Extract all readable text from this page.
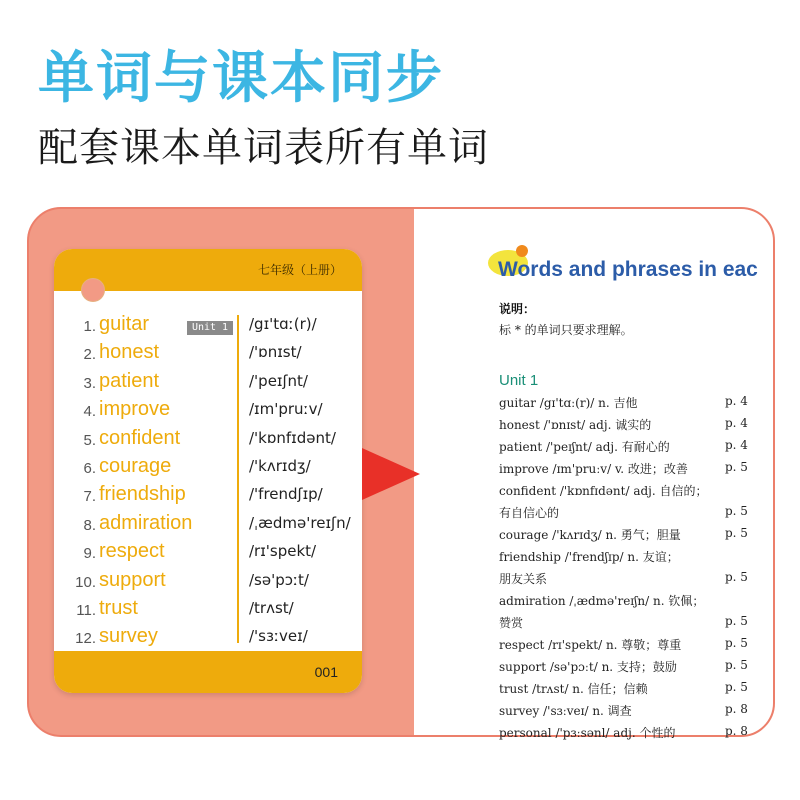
单词与课本同步
配套课本单词表所有单词
七年级（上册）
Unit 1
1. guitar	/gɪ'tɑː(r)/
2. honest	/'ɒnɪst/
3. patient	/'peɪʃnt/
4. improve	/ɪm'pruːv/
5. confident	/'kɒnfɪdənt/
6. courage	/'kʌrɪdʒ/
7. friendship	/'frendʃɪp/
8. admiration	/ˌædmə'reɪʃn/
9. respect	/rɪ'spekt/
10. support	/sə'pɔːt/
11. trust	/trʌst/
12. survey	/'sɜːveɪ/
001
Words and phrases in eac
说明：
标 * 的单词只要求理解。
Unit 1
guitar /gɪ'tɑː(r)/ n. 吉他	p. 4
honest /'ɒnɪst/ adj. 诚实的	p. 4
patient /'peɪʃnt/ adj. 有耐心的	p. 4
improve /ɪm'pruːv/ v. 改进；改善	p. 5
confident /'kɒnfɪdənt/ adj. 自信的；
有自信心的	p. 5
courage /'kʌrɪdʒ/ n. 勇气；胆量	p. 5
friendship /'frendʃɪp/ n. 友谊；
朋友关系	p. 5
admiration /ˌædmə'reɪʃn/ n. 钦佩；
赞赏	p. 5
respect /rɪ'spekt/ n. 尊敬；尊重	p. 5
support /sə'pɔːt/ n. 支持；鼓励	p. 5
trust /trʌst/ n. 信任；信赖	p. 5
survey /'sɜːveɪ/ n. 调查	p. 8
personal /'pɜːsənl/ adj. 个性的	p. 8
